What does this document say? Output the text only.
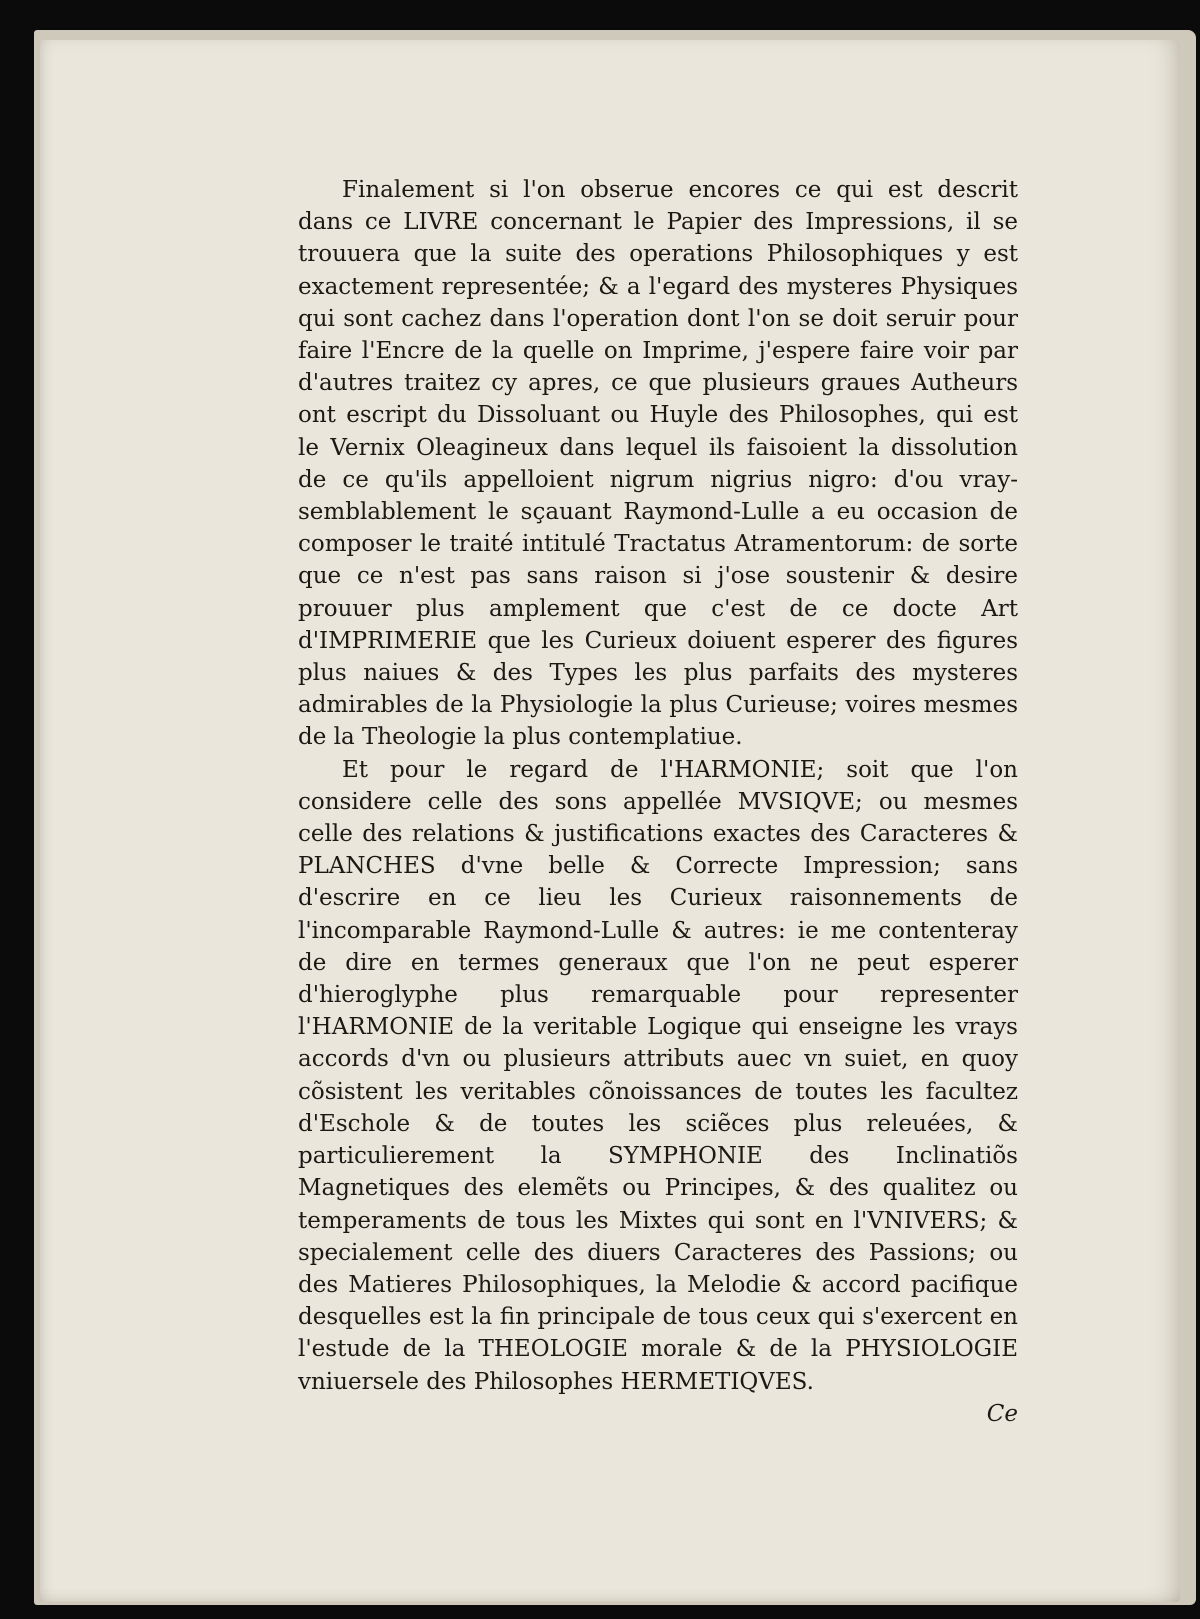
Finalement si l'on obserue encores ce qui est descrit dans ce LIVRE concernant le Papier des Impressions, il se trouuera que la suite des operations Philosophiques y est exactement representée; & a l'egard des mysteres Physiques qui sont cachez dans l'operation dont l'on se doit seruir pour faire l'Encre de la quelle on Imprime, j'espere faire voir par d'autres traitez cy apres, ce que plusieurs graues Autheurs ont escript du Dissoluant ou Huyle des Philosophes, qui est le Vernix Oleagineux dans lequel ils faisoient la dissolution de ce qu'ils appelloient nigrum nigrius nigro: d'ou vray-semblablement le sçauant Raymond-Lulle a eu occasion de composer le traité intitulé Tractatus Atramentorum: de sorte que ce n'est pas sans raison si j'ose soustenir & desire prouuer plus amplement que c'est de ce docte Art d'IMPRIMERIE que les Curieux doiuent esperer des figures plus naiues & des Types les plus parfaits des mysteres admirables de la Physiologie la plus Curieuse; voires mesmes de la Theologie la plus contemplatiue.

Et pour le regard de l'HARMONIE; soit que l'on considere celle des sons appellée MVSIQVE; ou mesmes celle des relations & justifications exactes des Caracteres & PLANCHES d'vne belle & Correcte Impression; sans d'escrire en ce lieu les Curieux raisonnements de l'incomparable Raymond-Lulle & autres: ie me contenteray de dire en termes generaux que l'on ne peut esperer d'hieroglyphe plus remarquable pour representer l'HARMONIE de la veritable Logique qui enseigne les vrays accords d'vn ou plusieurs attributs auec vn suiet, en quoy cõsistent les veritables cõnoissances de toutes les facultez d'Eschole & de toutes les sciẽces plus releuées, & particulierement la SYMPHONIE des Inclinatiõs Magnetiques des elemẽts ou Principes, & des qualitez ou temperaments de tous les Mixtes qui sont en l'VNIVERS; & specialement celle des diuers Caracteres des Passions; ou des Matieres Philosophiques, la Melodie & accord pacifique desquelles est la fin principale de tous ceux qui s'exercent en l'estude de la THEOLOGIE morale & de la PHYSIOLOGIE vniuersele des Philosophes HERMETIQVES.

Ce
